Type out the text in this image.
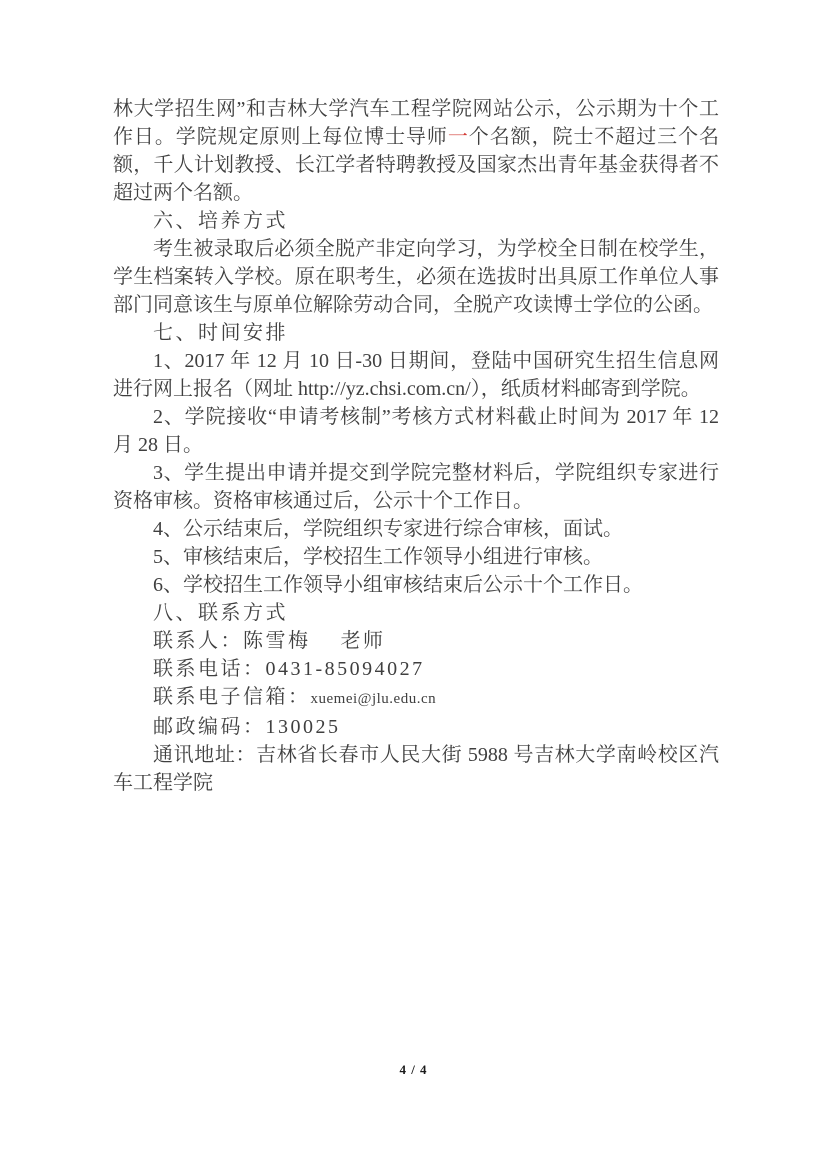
林大学招生网”和吉林大学汽车工程学院网站公示，公示期为十个工作日。学院规定原则上每位博士导师一个名额，院士不超过三个名额，千人计划教授、长江学者特聘教授及国家杰出青年基金获得者不超过两个名额。

六、培养方式

考生被录取后必须全脱产非定向学习，为学校全日制在校学生，学生档案转入学校。原在职考生，必须在选拔时出具原工作单位人事部门同意该生与原单位解除劳动合同，全脱产攻读博士学位的公函。

七、时间安排

1、2017 年 12 月 10 日-30 日期间，登陆中国研究生招生信息网进行网上报名（网址 http://yz.chsi.com.cn/），纸质材料邮寄到学院。

2、学院接收“申请考核制”考核方式材料截止时间为 2017 年 12 月 28 日。

3、学生提出申请并提交到学院完整材料后，学院组织专家进行资格审核。资格审核通过后，公示十个工作日。

4、公示结束后，学院组织专家进行综合审核，面试。

5、审核结束后，学校招生工作领导小组进行审核。

6、学校招生工作领导小组审核结束后公示十个工作日。

八、联系方式

联系人：陈雪梅　 老师

联系电话：0431-85094027

联系电子信箱：xuemei@jlu.edu.cn

邮政编码：130025

通讯地址：吉林省长春市人民大街 5988 号吉林大学南岭校区汽车工程学院

4 / 4
